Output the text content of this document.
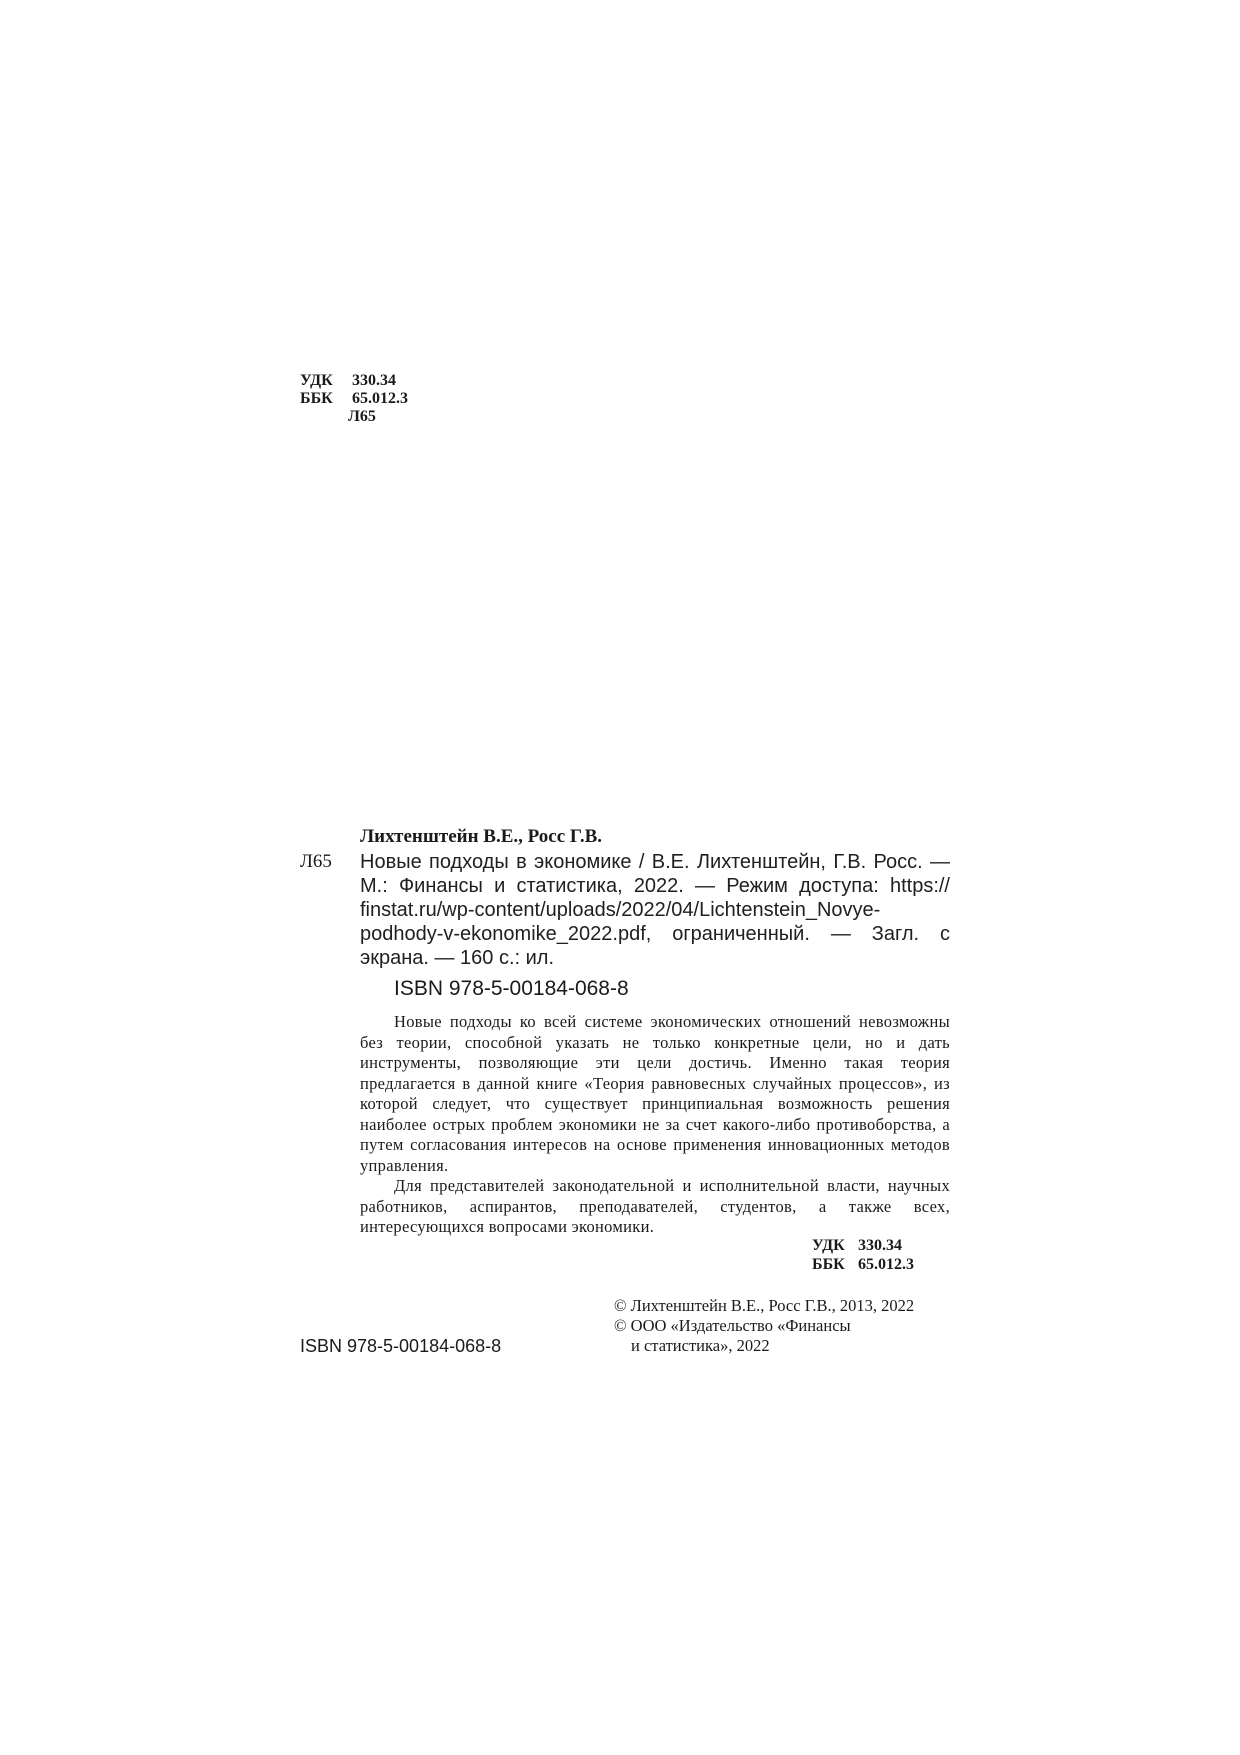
УДК	330.34
ББК	65.012.3
Л65
Лихтенштейн В.Е., Росс Г.В.
Л65 Новые подходы в экономике / В.Е. Лихтенштейн, Г.В. Росс. — М.: Финансы и статистика, 2022. — Режим доступа: https:// finstat.ru/wp-content/uploads/2022/04/Lichtenstein_Novye-podhody-v-ekonomike_2022.pdf, ограниченный. — Загл. с экрана. — 160 с.: ил.
ISBN 978-5-00184-068-8

Новые подходы ко всей системе экономических отношений невозможны без теории, способной указать не только конкретные цели, но и дать инструменты, позволяющие эти цели достичь. Именно такая теория предлагается в данной книге «Теория равновесных случайных процессов», из которой следует, что существует принципиальная возможность решения наиболее острых проблем экономики не за счет какого-либо противоборства, а путем согласования интересов на основе применения инновационных методов управления.

Для представителей законодательной и исполнительной власти, научных работников, аспирантов, преподавателей, студентов, а также всех, интересующихся вопросами экономики.

УДК 330.34
ББК 65.012.3
© Лихтенштейн В.Е., Росс Г.В., 2013, 2022
© ООО «Издательство «Финансы
и статистика», 2022
ISBN 978-5-00184-068-8
